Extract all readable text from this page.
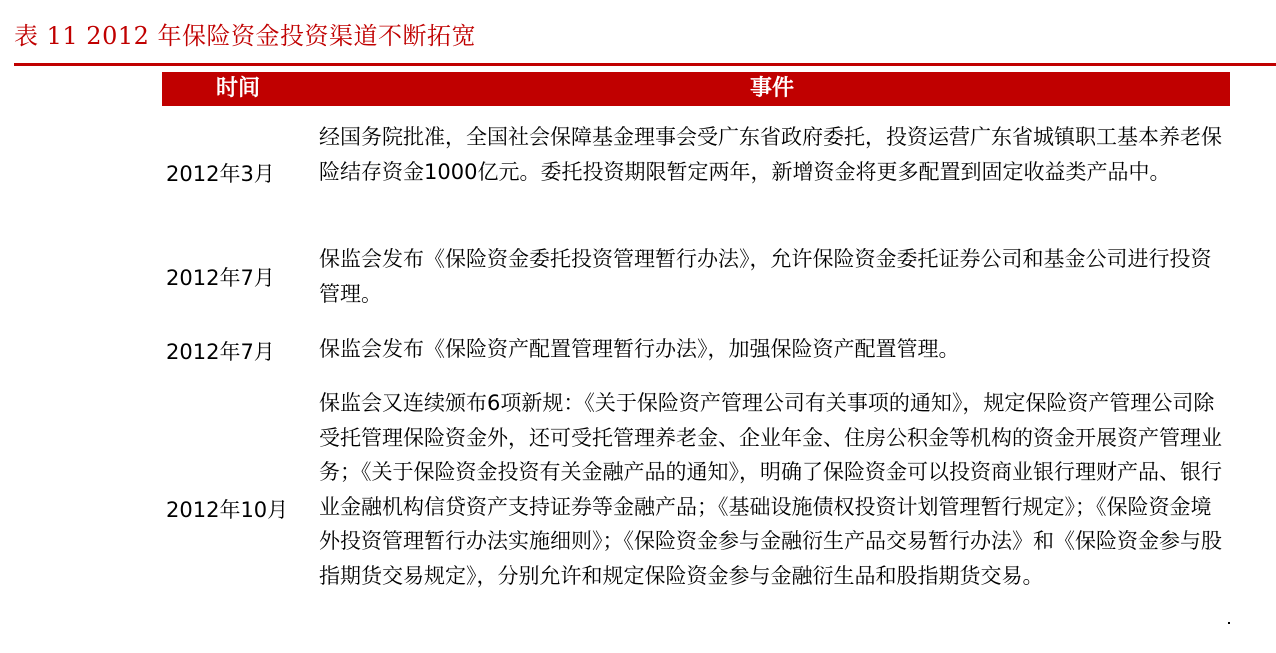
表 11 2012 年保险资金投资渠道不断拓宽
时间	事件
2012年3月
经国务院批准，全国社会保障基金理事会受广东省政府委托，投资运营广东省城镇职工基本养老保险结存资金1000亿元。委托投资期限暂定两年，新增资金将更多配置到固定收益类产品中。
2012年7月
保监会发布《保险资金委托投资管理暂行办法》，允许保险资金委托证券公司和基金公司进行投资管理。
2012年7月	保监会发布《保险资产配置管理暂行办法》，加强保险资产配置管理。
2012年10月
保监会又连续颁布6项新规：《关于保险资产管理公司有关事项的通知》，规定保险资产管理公司除受托管理保险资金外，还可受托管理养老金、企业年金、住房公积金等机构的资金开展资产管理业务；《关于保险资金投资有关金融产品的通知》，明确了保险资金可以投资商业银行理财产品、银行业金融机构信贷资产支持证券等金融产品；《基础设施债权投资计划管理暂行规定》；《保险资金境外投资管理暂行办法实施细则》；《保险资金参与金融衍生产品交易暂行办法》和《保险资金参与股指期货交易规定》，分别允许和规定保险资金参与金融衍生品和股指期货交易。
